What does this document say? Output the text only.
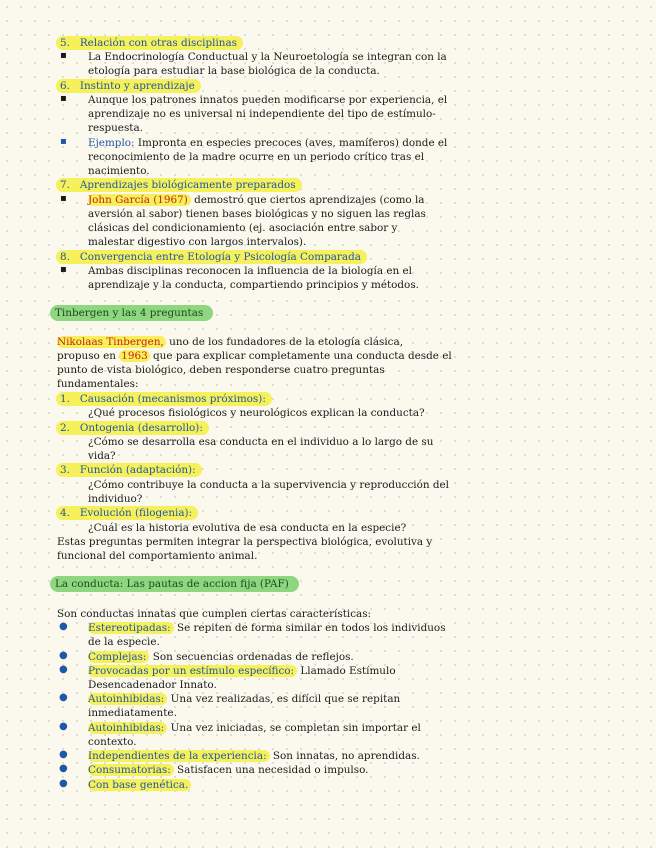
5. Relación con otras disciplinas
▪ La Endocrinología Conductual y la Neuroetología se integran con la
etología para estudiar la base biológica de la conducta.
6. Instinto y aprendizaje
▪ Aunque los patrones innatos pueden modificarse por experiencia, el
aprendizaje no es universal ni independiente del tipo de estímulo-
respuesta.
▪ Ejemplo: Impronta en especies precoces (aves, mamíferos) donde el
reconocimiento de la madre ocurre en un periodo crítico tras el
nacimiento.
7. Aprendizajes biológicamente preparados
▪ John García (1967) demostró que ciertos aprendizajes (como la
aversión al sabor) tienen bases biológicas y no siguen las reglas
clásicas del condicionamiento (ej. asociación entre sabor y
malestar digestivo con largos intervalos).
8. Convergencia entre Etología y Psicología Comparada
▪ Ambas disciplinas reconocen la influencia de la biología en el
aprendizaje y la conducta, compartiendo principios y métodos.
Tinbergen y las 4 preguntas
Nikolaas Tinbergen, uno de los fundadores de la etología clásica,
propuso en 1963 que para explicar completamente una conducta desde el
punto de vista biológico, deben responderse cuatro preguntas
fundamentales:
1. Causación (mecanismos próximos):
¿Qué procesos fisiológicos y neurológicos explican la conducta?
2. Ontogenia (desarrollo):
¿Cómo se desarrolla esa conducta en el individuo a lo largo de su
vida?
3. Función (adaptación):
¿Cómo contribuye la conducta a la supervivencia y reproducción del
individuo?
4. Evolución (filogenia):
¿Cuál es la historia evolutiva de esa conducta en la especie?
Estas preguntas permiten integrar la perspectiva biológica, evolutiva y
funcional del comportamiento animal.
La conducta: Las pautas de accion fija (PAF)
Son conductas innatas que cumplen ciertas características:
● Estereotipadas: Se repiten de forma similar en todos los individuos
de la especie.
● Complejas: Son secuencias ordenadas de reflejos.
● Provocadas por un estímulo específico: Llamado Estímulo
Desencadenador Innato.
● Autoinhibidas: Una vez realizadas, es difícil que se repitan
inmediatamente.
● Autoinhibidas: Una vez iniciadas, se completan sin importar el
contexto.
● Independientes de la experiencia: Son innatas, no aprendidas.
● Consumatorias: Satisfacen una necesidad o impulso.
● Con base genética.
